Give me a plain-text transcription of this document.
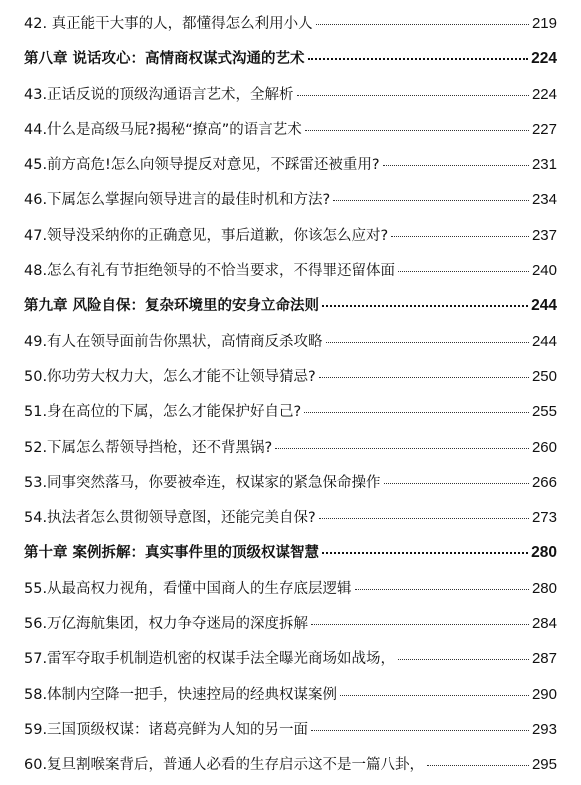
42. 真正能干大事的人，都懂得怎么利用小人	219
第八章 说话攻心：高情商权谋式沟通的艺术	224
43.正话反说的顶级沟通语言艺术，全解析	224
44.什么是高级马屁?揭秘“撩高”的语言艺术	227
45.前方高危!怎么向领导提反对意见，不踩雷还被重用?	231
46.下属怎么掌握向领导进言的最佳时机和方法?	234
47.领导没采纳你的正确意见，事后道歉，你该怎么应对?	237
48.怎么有礼有节拒绝领导的不恰当要求，不得罪还留体面	240
第九章 风险自保：复杂环境里的安身立命法则	244
49.有人在领导面前告你黑状，高情商反杀攻略	244
50.你功劳大权力大，怎么才能不让领导猜忌?	250
51.身在高位的下属，怎么才能保护好自己?	255
52.下属怎么帮领导挡枪，还不背黑锅?	260
53.同事突然落马，你要被牵连，权谋家的紧急保命操作	266
54.执法者怎么贯彻领导意图，还能完美自保?	273
第十章 案例拆解：真实事件里的顶级权谋智慧	280
55.从最高权力视角，看懂中国商人的生存底层逻辑	280
56.万亿海航集团，权力争夺迷局的深度拆解	284
57.雷军夺取手机制造机密的权谋手法全曝光商场如战场，	287
58.体制内空降一把手，快速控局的经典权谋案例	290
59.三国顶级权谋：诸葛亮鲜为人知的另一面	293
60.复旦割喉案背后，普通人必看的生存启示这不是一篇八卦，	295
